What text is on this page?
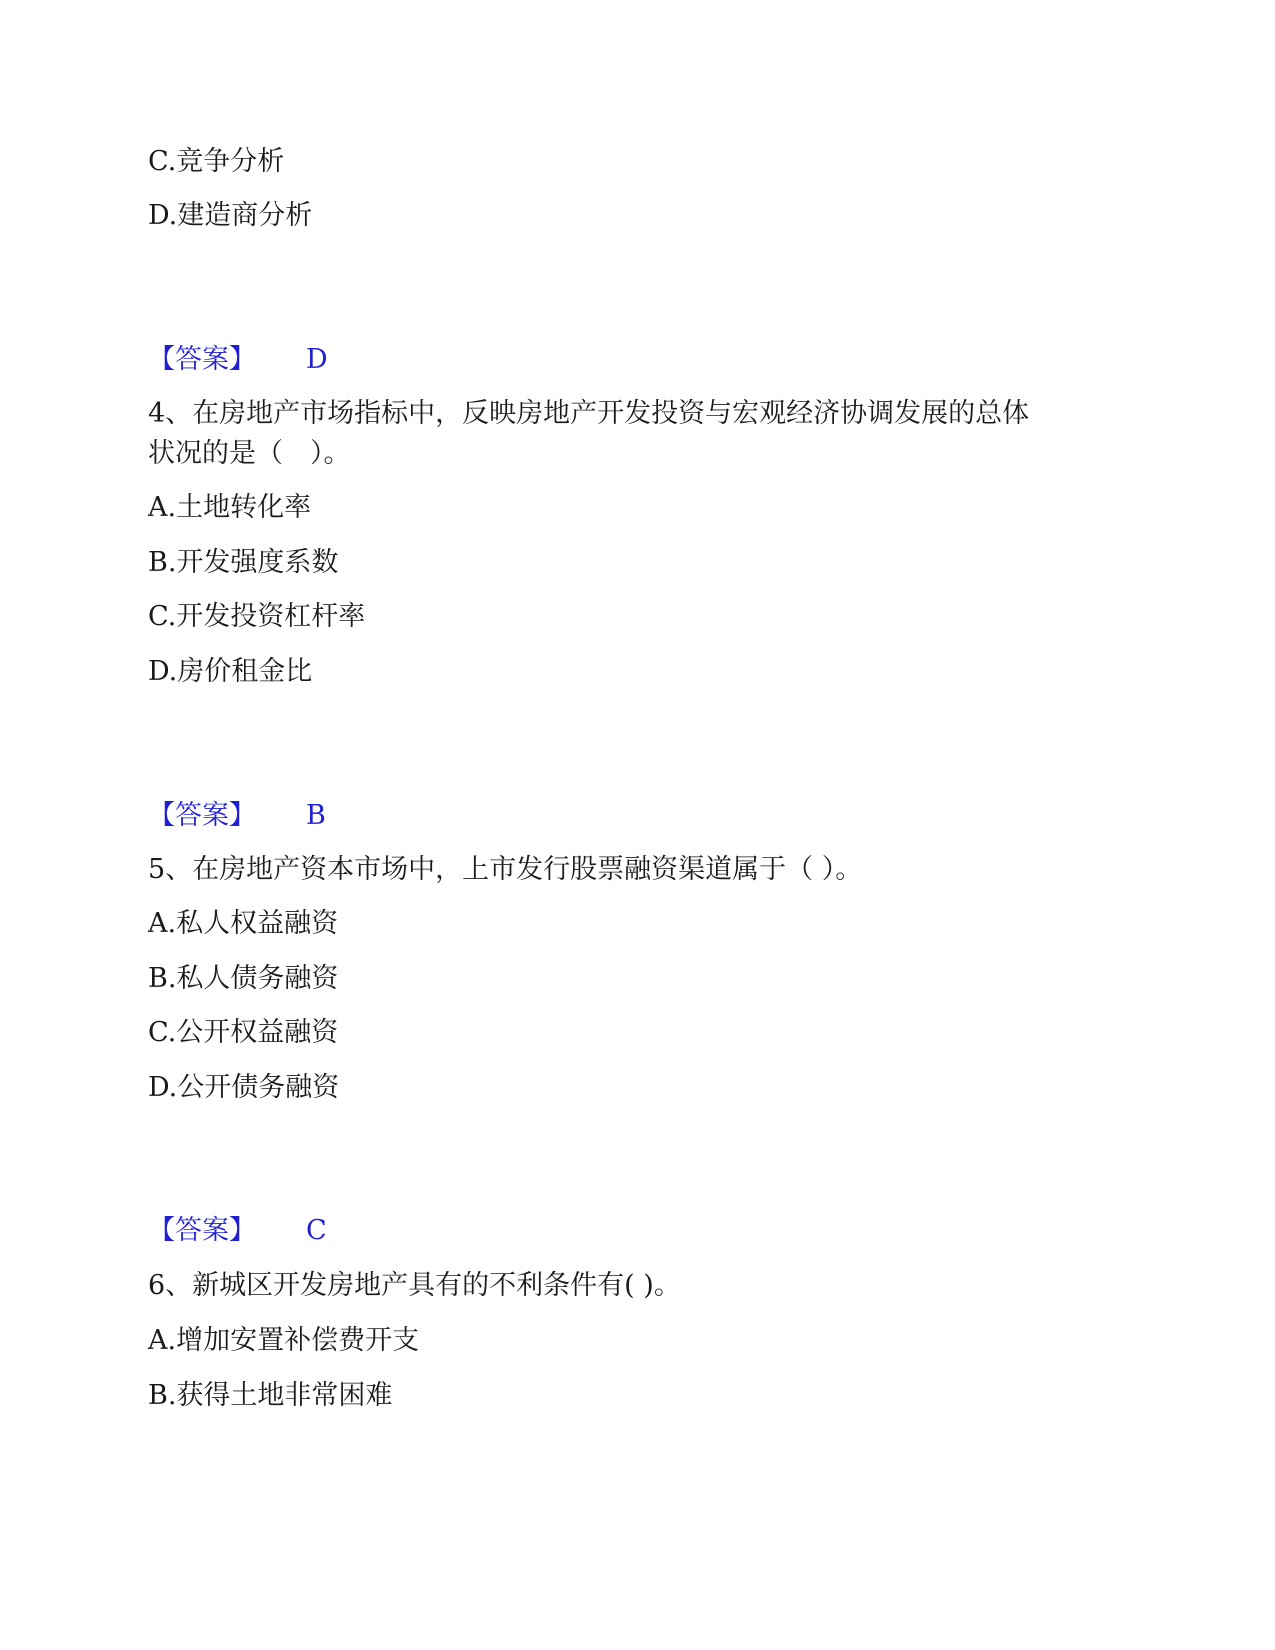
C.竞争分析
D.建造商分析
【答案】 D
4、在房地产市场指标中，反映房地产开发投资与宏观经济协调发展的总体
状况的是（　）。
A.土地转化率
B.开发强度系数
C.开发投资杠杆率
D.房价租金比
【答案】 B
5、在房地产资本市场中，上市发行股票融资渠道属于（ ）。
A.私人权益融资
B.私人债务融资
C.公开权益融资
D.公开债务融资
【答案】 C
6、新城区开发房地产具有的不利条件有( )。
A.增加安置补偿费开支
B.获得土地非常困难
